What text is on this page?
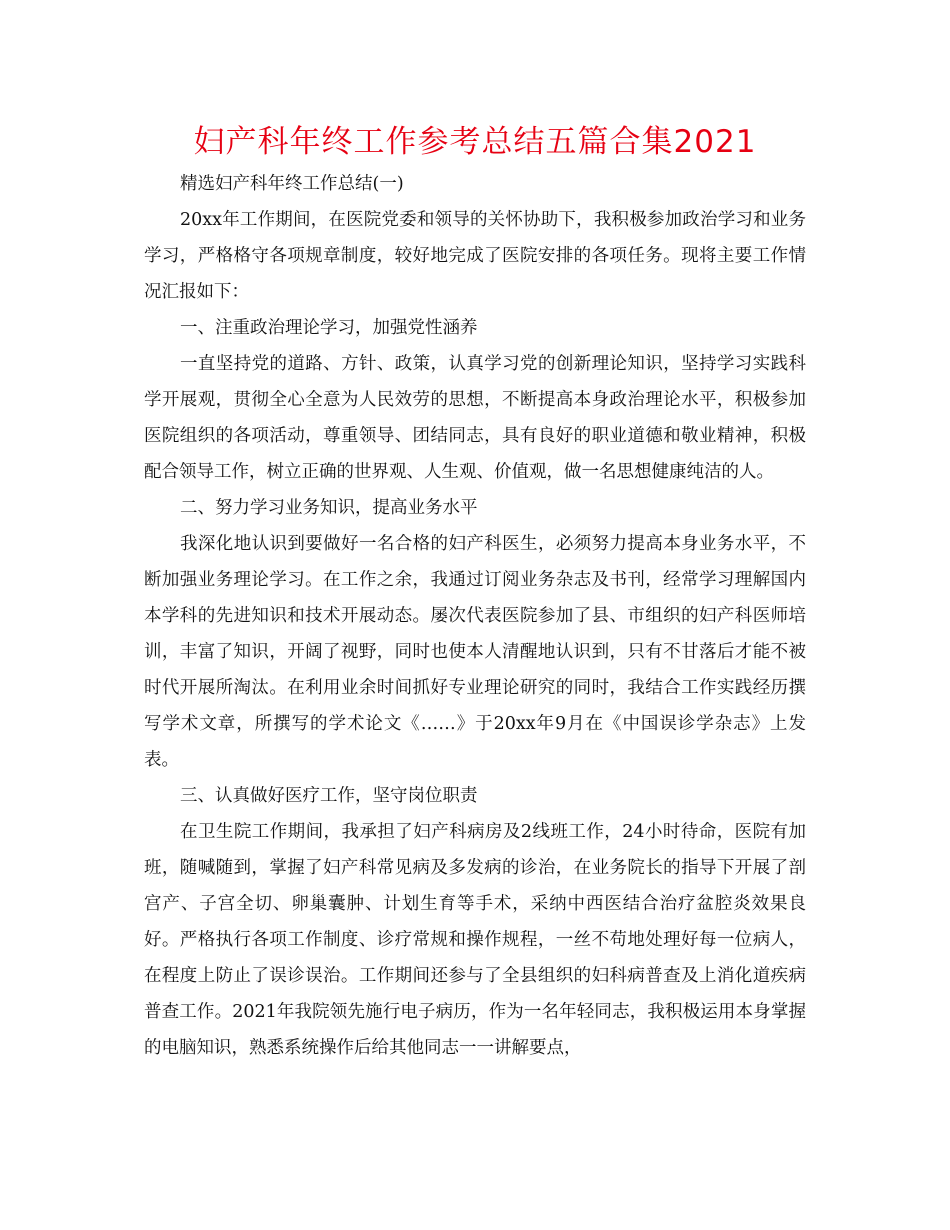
妇产科年终工作参考总结五篇合集2021

精选妇产科年终工作总结(一)

20xx年工作期间，在医院党委和领导的关怀协助下，我积极参加政治学习和业务学习，严格格守各项规章制度，较好地完成了医院安排的各项任务。现将主要工作情况汇报如下：

一、注重政治理论学习，加强党性涵养

一直坚持党的道路、方针、政策，认真学习党的创新理论知识，坚持学习实践科学开展观，贯彻全心全意为人民效劳的思想，不断提高本身政治理论水平，积极参加医院组织的各项活动，尊重领导、团结同志，具有良好的职业道德和敬业精神，积极配合领导工作，树立正确的世界观、人生观、价值观，做一名思想健康纯洁的人。

二、努力学习业务知识，提高业务水平

我深化地认识到要做好一名合格的妇产科医生，必须努力提高本身业务水平，不断加强业务理论学习。在工作之余，我通过订阅业务杂志及书刊，经常学习理解国内本学科的先进知识和技术开展动态。屡次代表医院参加了县、市组织的妇产科医师培训，丰富了知识，开阔了视野，同时也使本人清醒地认识到，只有不甘落后才能不被时代开展所淘汰。在利用业余时间抓好专业理论研究的同时，我结合工作实践经历撰写学术文章，所撰写的学术论文《……》于20xx年9月在《中国误诊学杂志》上发表。

三、认真做好医疗工作，坚守岗位职责

在卫生院工作期间，我承担了妇产科病房及2线班工作，24小时待命，医院有加班，随喊随到，掌握了妇产科常见病及多发病的诊治，在业务院长的指导下开展了剖宫产、子宫全切、卵巢囊肿、计划生育等手术，采纳中西医结合治疗盆腔炎效果良好。严格执行各项工作制度、诊疗常规和操作规程，一丝不苟地处理好每一位病人，在程度上防止了误诊误治。工作期间还参与了全县组织的妇科病普查及上消化道疾病普查工作。2021年我院领先施行电子病历，作为一名年轻同志，我积极运用本身掌握的电脑知识，熟悉系统操作后给其他同志一一讲解要点，
